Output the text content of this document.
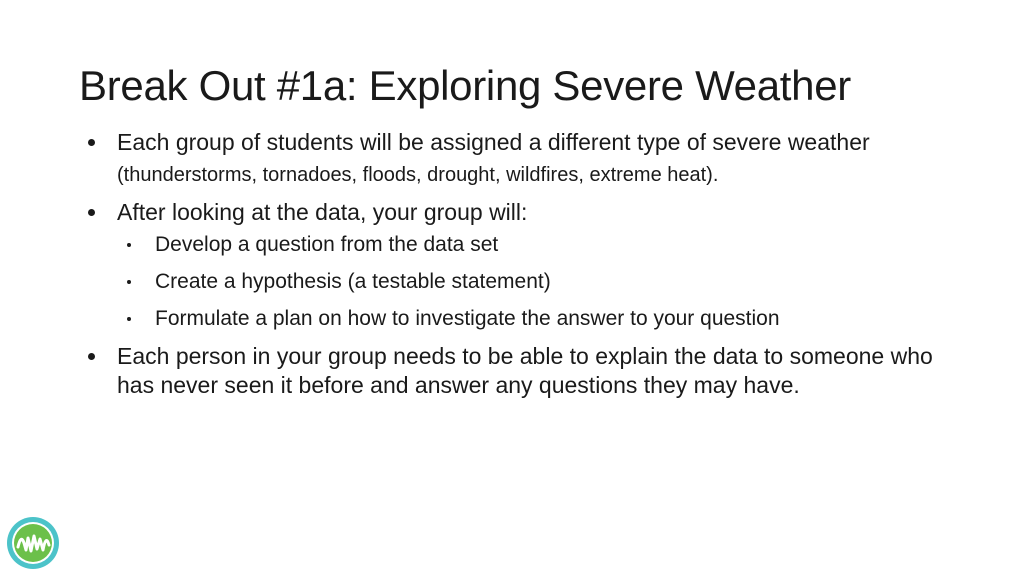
Break Out #1a: Exploring Severe Weather
Each group of students will be assigned a different type of severe weather (thunderstorms, tornadoes, floods, drought, wildfires, extreme heat).
After looking at the data, your group will:
Develop a question from the data set
Create a hypothesis (a testable statement)
Formulate a plan on how to investigate the answer to your question
Each person in your group needs to be able to explain the data to someone who has never seen it before and answer any questions they may have.
